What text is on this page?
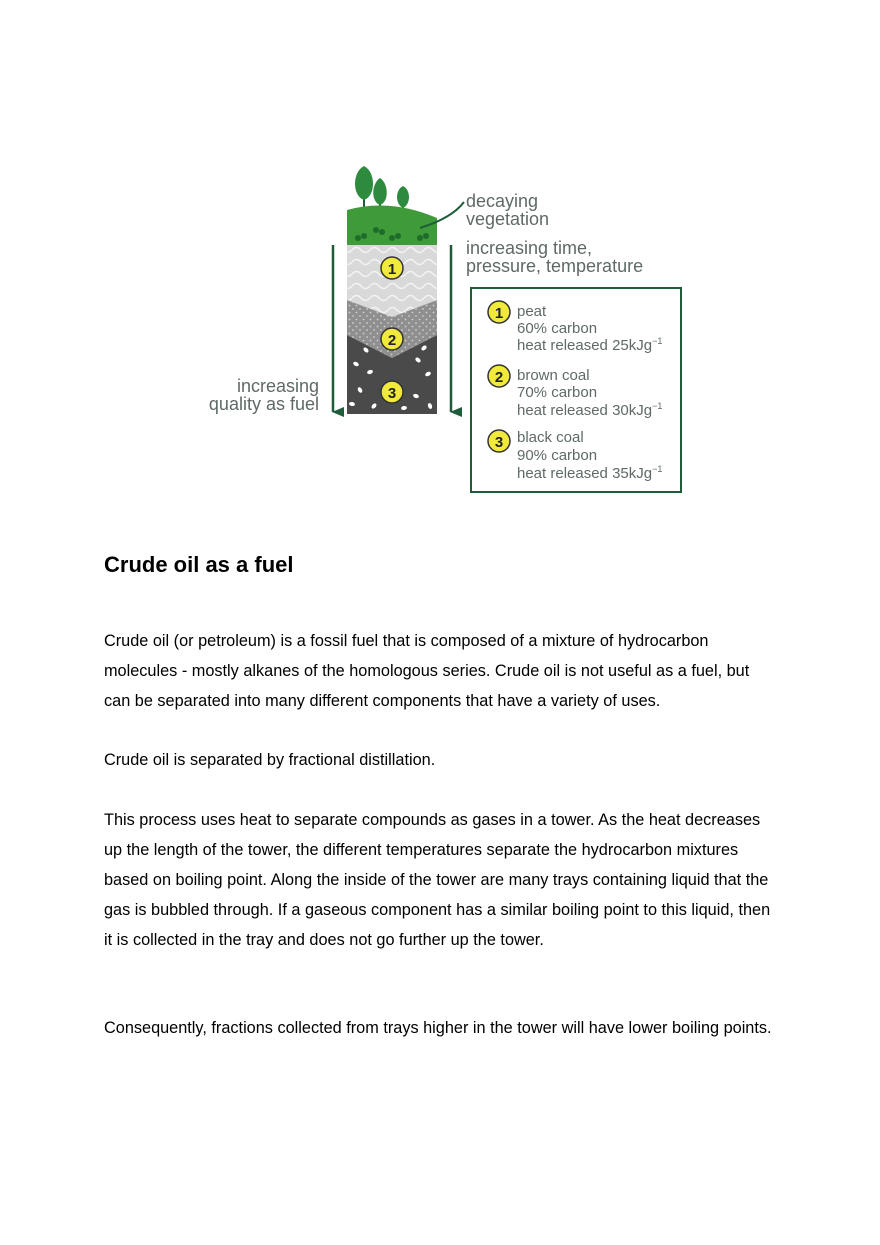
1
2
3
decaying
vegetation
increasing time,
pressure, temperature
increasing
quality as fuel
1 peat
60% carbon
heat released 25kJg$^{-1}$
2 brown coal
70% carbon
heat released 30kJg$^{-1}$
3 black coal
90% carbon
heat released 35kJg$^{-1}$
Crude oil as a fuel

Crude oil (or petroleum) is a fossil fuel that is composed of a mixture of hydrocarbon molecules - mostly alkanes of the homologous series. Crude oil is not useful as a fuel, but can be separated into many different components that have a variety of uses.

Crude oil is separated by fractional distillation.

This process uses heat to separate compounds as gases in a tower. As the heat decreases up the length of the tower, the different temperatures separate the hydrocarbon mixtures based on boiling point. Along the inside of the tower are many trays containing liquid that the gas is bubbled through. If a gaseous component has a similar boiling point to this liquid, then it is collected in the tray and does not go further up the tower.

Consequently, fractions collected from trays higher in the tower will have lower boiling points.
